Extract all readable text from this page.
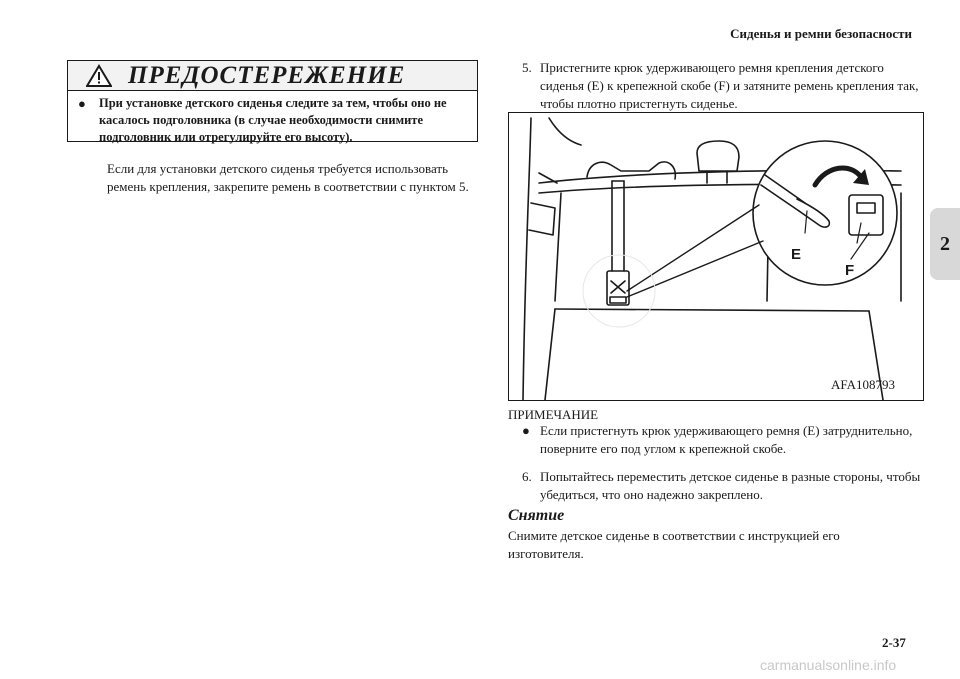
Сиденья и ремни безопасности
2
ПРЕДОСТЕРЕЖЕНИЕ
●	При установке детского сиденья следите за тем, чтобы оно не касалось подголовника (в случае необходимости снимите подголовник или отрегулируйте его высоту).
Если для установки детского сиденья требуется использовать ремень крепления, закрепите ремень в соответствии с пунктом 5.
5. Пристегните крюк удерживающего ремня крепления детского сиденья (E) к крепежной скобе (F) и затяните ремень крепления так, чтобы плотно пристегнуть сиденье.
E
F
AFA108793
ПРИМЕЧАНИЕ
● Если пристегнуть крюк удерживающего ремня (E) затруднительно, поверните его под углом к крепежной скобе.
6. Попытайтесь переместить детское сиденье в разные стороны, чтобы убедиться, что оно надежно закреплено.
Снятие
Снимите детское сиденье в соответствии с инструкцией его изготовителя.
2-37
carmanualsonline.info
